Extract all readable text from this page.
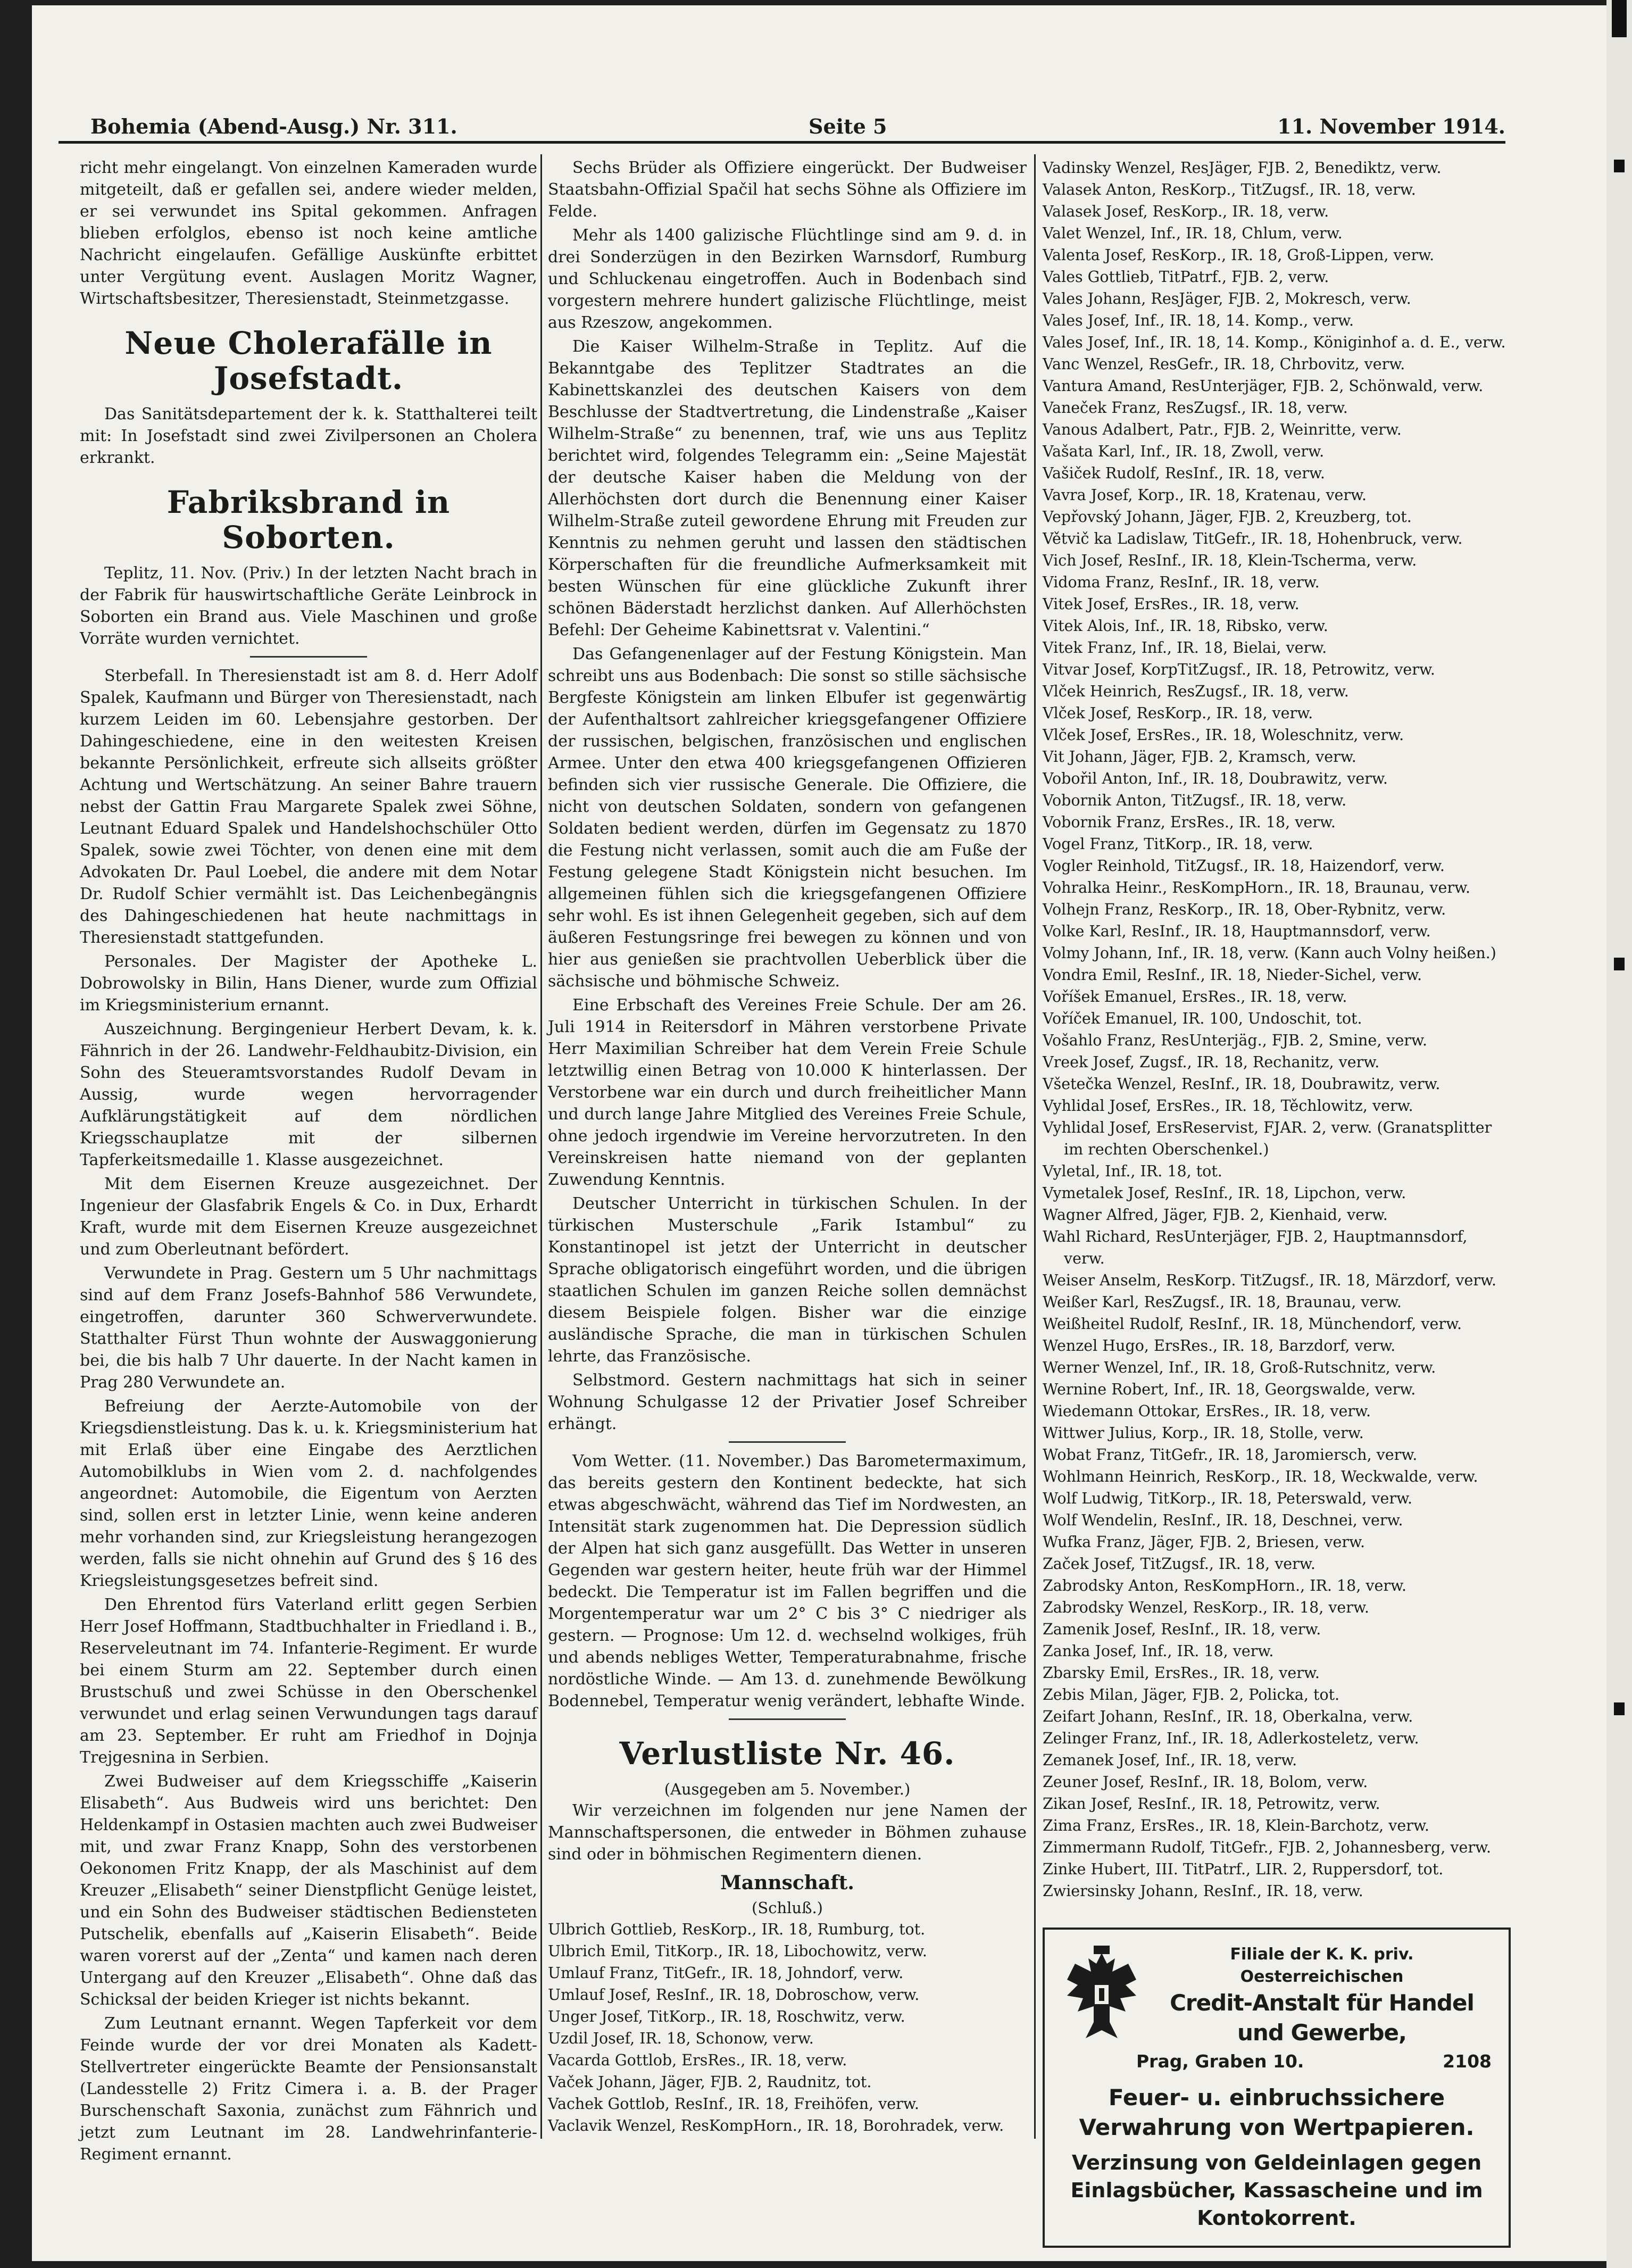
Bohemia (Abend-Ausg.) Nr. 311.	Seite 5	11. November 1914.

richt mehr eingelangt. Von einzelnen Kameraden wurde mitgeteilt, daß er gefallen sei, andere wieder melden, er sei verwundet ins Spital gekommen. Anfragen blieben erfolglos, ebenso ist noch keine amtliche Nachricht eingelaufen. Gefällige Auskünfte erbittet unter Vergütung event. Auslagen Moritz Wagner, Wirtschaftsbesitzer, Theresienstadt, Steinmetzgasse.

Neue Cholerafälle in Josefstadt.

Das Sanitätsdepartement der k. k. Statthalterei teilt mit: In Josefstadt sind zwei Zivilpersonen an Cholera erkrankt.

Fabriksbrand in Soborten.

Teplitz, 11. Nov. (Priv.) In der letzten Nacht brach in der Fabrik für hauswirtschaftliche Geräte Leinbrock in Soborten ein Brand aus. Viele Maschinen und große Vorräte wurden vernichtet.

Sterbefall. In Theresienstadt ist am 8. d. Herr Adolf Spalek, Kaufmann und Bürger von Theresienstadt, nach kurzem Leiden im 60. Lebensjahre gestorben. Der Dahingeschiedene, eine in den weitesten Kreisen bekannte Persönlichkeit, erfreute sich allseits größter Achtung und Wertschätzung. An seiner Bahre trauern nebst der Gattin Frau Margarete Spalek zwei Söhne, Leutnant Eduard Spalek und Handelshochschüler Otto Spalek, sowie zwei Töchter, von denen eine mit dem Advokaten Dr. Paul Loebel, die andere mit dem Notar Dr. Rudolf Schier vermählt ist. Das Leichenbegängnis des Dahingeschiedenen hat heute nachmittags in Theresienstadt stattgefunden.

Personales. Der Magister der Apotheke L. Dobrowolsky in Bilin, Hans Diener, wurde zum Offizial im Kriegsministerium ernannt.

Auszeichnung. Bergingenieur Herbert Devam, k. k. Fähnrich in der 26. Landwehr-Feldhaubitz-Division, ein Sohn des Steueramtsvorstandes Rudolf Devam in Aussig, wurde wegen hervorragender Aufklärungstätigkeit auf dem nördlichen Kriegsschauplatze mit der silbernen Tapferkeitsmedaille 1. Klasse ausgezeichnet.

Mit dem Eisernen Kreuze ausgezeichnet. Der Ingenieur der Glasfabrik Engels & Co. in Dux, Erhardt Kraft, wurde mit dem Eisernen Kreuze ausgezeichnet und zum Oberleutnant befördert.

Verwundete in Prag. Gestern um 5 Uhr nachmittags sind auf dem Franz Josefs-Bahnhof 586 Verwundete, eingetroffen, darunter 360 Schwerverwundete. Statthalter Fürst Thun wohnte der Auswaggonierung bei, die bis halb 7 Uhr dauerte. In der Nacht kamen in Prag 280 Verwundete an.

Befreiung der Aerzte-Automobile von der Kriegsdienstleistung. Das k. u. k. Kriegsministerium hat mit Erlaß über eine Eingabe des Aerztlichen Automobilklubs in Wien vom 2. d. nachfolgendes angeordnet: Automobile, die Eigentum von Aerzten sind, sollen erst in letzter Linie, wenn keine anderen mehr vorhanden sind, zur Kriegsleistung herangezogen werden, falls sie nicht ohnehin auf Grund des § 16 des Kriegsleistungsgesetzes befreit sind.

Den Ehrentod fürs Vaterland erlitt gegen Serbien Herr Josef Hoffmann, Stadtbuchhalter in Friedland i. B., Reserveleutnant im 74. Infanterie-Regiment. Er wurde bei einem Sturm am 22. September durch einen Brustschuß und zwei Schüsse in den Oberschenkel verwundet und erlag seinen Verwundungen tags darauf am 23. September. Er ruht am Friedhof in Dojnja Trejgesnina in Serbien.

Zwei Budweiser auf dem Kriegsschiffe „Kaiserin Elisabeth“. Aus Budweis wird uns berichtet: Den Heldenkampf in Ostasien machten auch zwei Budweiser mit, und zwar Franz Knapp, Sohn des verstorbenen Oekonomen Fritz Knapp, der als Maschinist auf dem Kreuzer „Elisabeth“ seiner Dienstpflicht Genüge leistet, und ein Sohn des Budweiser städtischen Bediensteten Putschelik, ebenfalls auf „Kaiserin Elisabeth“. Beide waren vorerst auf der „Zenta“ und kamen nach deren Untergang auf den Kreuzer „Elisabeth“. Ohne daß das Schicksal der beiden Krieger ist nichts bekannt.

Zum Leutnant ernannt. Wegen Tapferkeit vor dem Feinde wurde der vor drei Monaten als Kadett-Stellvertreter eingerückte Beamte der Pensionsanstalt (Landesstelle 2) Fritz Cimera i. a. B. der Prager Burschenschaft Saxonia, zunächst zum Fähnrich und jetzt zum Leutnant im 28. Landwehrinfanterie-Regiment ernannt.

Sechs Brüder als Offiziere eingerückt. Der Budweiser Staatsbahn-Offizial Spačil hat sechs Söhne als Offiziere im Felde.

Mehr als 1400 galizische Flüchtlinge sind am 9. d. in drei Sonderzügen in den Bezirken Warnsdorf, Rumburg und Schluckenau eingetroffen. Auch in Bodenbach sind vorgestern mehrere hundert galizische Flüchtlinge, meist aus Rzeszow, angekommen.

Die Kaiser Wilhelm-Straße in Teplitz. Auf die Bekanntgabe des Teplitzer Stadtrates an die Kabinettskanzlei des deutschen Kaisers von dem Beschlusse der Stadtvertretung, die Lindenstraße „Kaiser Wilhelm-Straße“ zu benennen, traf, wie uns aus Teplitz berichtet wird, folgendes Telegramm ein: „Seine Majestät der deutsche Kaiser haben die Meldung von der Allerhöchsten dort durch die Benennung einer Kaiser Wilhelm-Straße zuteil gewordene Ehrung mit Freuden zur Kenntnis zu nehmen geruht und lassen den städtischen Körperschaften für die freundliche Aufmerksamkeit mit besten Wünschen für eine glückliche Zukunft ihrer schönen Bäderstadt herzlichst danken. Auf Allerhöchsten Befehl: Der Geheime Kabinettsrat v. Valentini.“

Das Gefangenenlager auf der Festung Königstein. Man schreibt uns aus Bodenbach: Die sonst so stille sächsische Bergfeste Königstein am linken Elbufer ist gegenwärtig der Aufenthaltsort zahlreicher kriegsgefangener Offiziere der russischen, belgischen, französischen und englischen Armee. Unter den etwa 400 kriegsgefangenen Offizieren befinden sich vier russische Generale. Die Offiziere, die nicht von deutschen Soldaten, sondern von gefangenen Soldaten bedient werden, dürfen im Gegensatz zu 1870 die Festung nicht verlassen, somit auch die am Fuße der Festung gelegene Stadt Königstein nicht besuchen. Im allgemeinen fühlen sich die kriegsgefangenen Offiziere sehr wohl. Es ist ihnen Gelegenheit gegeben, sich auf dem äußeren Festungsringe frei bewegen zu können und von hier aus genießen sie prachtvollen Ueberblick über die sächsische und böhmische Schweiz.

Eine Erbschaft des Vereines Freie Schule. Der am 26. Juli 1914 in Reitersdorf in Mähren verstorbene Private Herr Maximilian Schreiber hat dem Verein Freie Schule letztwillig einen Betrag von 10.000 K hinterlassen. Der Verstorbene war ein durch und durch freiheitlicher Mann und durch lange Jahre Mitglied des Vereines Freie Schule, ohne jedoch irgendwie im Vereine hervorzutreten. In den Vereinskreisen hatte niemand von der geplanten Zuwendung Kenntnis.

Deutscher Unterricht in türkischen Schulen. In der türkischen Musterschule „Farik Istambul“ zu Konstantinopel ist jetzt der Unterricht in deutscher Sprache obligatorisch eingeführt worden, und die übrigen staatlichen Schulen im ganzen Reiche sollen demnächst diesem Beispiele folgen. Bisher war die einzige ausländische Sprache, die man in türkischen Schulen lehrte, das Französische.

Selbstmord. Gestern nachmittags hat sich in seiner Wohnung Schulgasse 12 der Privatier Josef Schreiber erhängt.

Vom Wetter. (11. November.) Das Barometermaximum, das bereits gestern den Kontinent bedeckte, hat sich etwas abgeschwächt, während das Tief im Nordwesten, an Intensität stark zugenommen hat. Die Depression südlich der Alpen hat sich ganz ausgefüllt. Das Wetter in unseren Gegenden war gestern heiter, heute früh war der Himmel bedeckt. Die Temperatur ist im Fallen begriffen und die Morgentemperatur war um 2° C bis 3° C niedriger als gestern. — Prognose: Um 12. d. wechselnd wolkiges, früh und abends nebliges Wetter, Temperaturabnahme, frische nordöstliche Winde. — Am 13. d. zunehmende Bewölkung Bodennebel, Temperatur wenig verändert, lebhafte Winde.

Verlustliste Nr. 46.
(Ausgegeben am 5. November.)

Wir verzeichnen im folgenden nur jene Namen der Mannschaftspersonen, die entweder in Böhmen zuhause sind oder in böhmischen Regimentern dienen.

Mannschaft.
(Schluß.)

Ulbrich Gottlieb, ResKorp., IR. 18, Rumburg, tot.

Ulbrich Emil, TitKorp., IR. 18, Libochowitz, verw.

Umlauf Franz, TitGefr., IR. 18, Johndorf, verw.

Umlauf Josef, ResInf., IR. 18, Dobroschow, verw.

Unger Josef, TitKorp., IR. 18, Roschwitz, verw.

Uzdil Josef, IR. 18, Schonow, verw.

Vacarda Gottlob, ErsRes., IR. 18, verw.

Vaček Johann, Jäger, FJB. 2, Raudnitz, tot.

Vachek Gottlob, ResInf., IR. 18, Freihöfen, verw.

Vaclavik Wenzel, ResKompHorn., IR. 18, Borohradek, verw.

Vadinsky Wenzel, ResJäger, FJB. 2, Benediktz, verw.

Valasek Anton, ResKorp., TitZugsf., IR. 18, verw.

Valasek Josef, ResKorp., IR. 18, verw.

Valet Wenzel, Inf., IR. 18, Chlum, verw.

Valenta Josef, ResKorp., IR. 18, Groß-Lippen, verw.

Vales Gottlieb, TitPatrf., FJB. 2, verw.

Vales Johann, ResJäger, FJB. 2, Mokresch, verw.

Vales Josef, Inf., IR. 18, 14. Komp., verw.

Vales Josef, Inf., IR. 18, 14. Komp., Königinhof a. d. E., verw.

Vanc Wenzel, ResGefr., IR. 18, Chrbovitz, verw.

Vantura Amand, ResUnterjäger, FJB. 2, Schönwald, verw.

Vaneček Franz, ResZugsf., IR. 18, verw.

Vanous Adalbert, Patr., FJB. 2, Weinritte, verw.

Vašata Karl, Inf., IR. 18, Zwoll, verw.

Vašiček Rudolf, ResInf., IR. 18, verw.

Vavra Josef, Korp., IR. 18, Kratenau, verw.

Vepřovský Johann, Jäger, FJB. 2, Kreuzberg, tot.

Větvič ka Ladislaw, TitGefr., IR. 18, Hohenbruck, verw.

Vich Josef, ResInf., IR. 18, Klein-Tscherma, verw.

Vidoma Franz, ResInf., IR. 18, verw.

Vitek Josef, ErsRes., IR. 18, verw.

Vitek Alois, Inf., IR. 18, Ribsko, verw.

Vitek Franz, Inf., IR. 18, Bielai, verw.

Vitvar Josef, KorpTitZugsf., IR. 18, Petrowitz, verw.

Vlček Heinrich, ResZugsf., IR. 18, verw.

Vlček Josef, ResKorp., IR. 18, verw.

Vlček Josef, ErsRes., IR. 18, Woleschnitz, verw.

Vit Johann, Jäger, FJB. 2, Kramsch, verw.

Vobořil Anton, Inf., IR. 18, Doubrawitz, verw.

Vobornik Anton, TitZugsf., IR. 18, verw.

Vobornik Franz, ErsRes., IR. 18, verw.

Vogel Franz, TitKorp., IR. 18, verw.

Vogler Reinhold, TitZugsf., IR. 18, Haizendorf, verw.

Vohralka Heinr., ResKompHorn., IR. 18, Braunau, verw.

Volhejn Franz, ResKorp., IR. 18, Ober-Rybnitz, verw.

Volke Karl, ResInf., IR. 18, Hauptmannsdorf, verw.

Volmy Johann, Inf., IR. 18, verw. (Kann auch Volny heißen.)

Vondra Emil, ResInf., IR. 18, Nieder-Sichel, verw.

Voříšek Emanuel, ErsRes., IR. 18, verw.

Voříček Emanuel, IR. 100, Undoschit, tot.

Vošahlo Franz, ResUnterjäg., FJB. 2, Smine, verw.

Vreek Josef, Zugsf., IR. 18, Rechanitz, verw.

Všetečka Wenzel, ResInf., IR. 18, Doubrawitz, verw.

Vyhlidal Josef, ErsRes., IR. 18, Těchlowitz, verw.

Vyhlidal Josef, ErsReservist, FJAR. 2, verw. (Granatsplitter im rechten Oberschenkel.)

Vyletal, Inf., IR. 18, tot.

Vymetalek Josef, ResInf., IR. 18, Lipchon, verw.

Wagner Alfred, Jäger, FJB. 2, Kienhaid, verw.

Wahl Richard, ResUnterjäger, FJB. 2, Hauptmannsdorf, verw.

Weiser Anselm, ResKorp. TitZugsf., IR. 18, Märzdorf, verw.

Weißer Karl, ResZugsf., IR. 18, Braunau, verw.

Weißheitel Rudolf, ResInf., IR. 18, Münchendorf, verw.

Wenzel Hugo, ErsRes., IR. 18, Barzdorf, verw.

Werner Wenzel, Inf., IR. 18, Groß-Rutschnitz, verw.

Wernine Robert, Inf., IR. 18, Georgswalde, verw.

Wiedemann Ottokar, ErsRes., IR. 18, verw.

Wittwer Julius, Korp., IR. 18, Stolle, verw.

Wobat Franz, TitGefr., IR. 18, Jaromiersch, verw.

Wohlmann Heinrich, ResKorp., IR. 18, Weckwalde, verw.

Wolf Ludwig, TitKorp., IR. 18, Peterswald, verw.

Wolf Wendelin, ResInf., IR. 18, Deschnei, verw.

Wufka Franz, Jäger, FJB. 2, Briesen, verw.

Začek Josef, TitZugsf., IR. 18, verw.

Zabrodsky Anton, ResKompHorn., IR. 18, verw.

Zabrodsky Wenzel, ResKorp., IR. 18, verw.

Zamenik Josef, ResInf., IR. 18, verw.

Zanka Josef, Inf., IR. 18, verw.

Zbarsky Emil, ErsRes., IR. 18, verw.

Zebis Milan, Jäger, FJB. 2, Policka, tot.

Zeifart Johann, ResInf., IR. 18, Oberkalna, verw.

Zelinger Franz, Inf., IR. 18, Adlerkosteletz, verw.

Zemanek Josef, Inf., IR. 18, verw.

Zeuner Josef, ResInf., IR. 18, Bolom, verw.

Zikan Josef, ResInf., IR. 18, Petrowitz, verw.

Zima Franz, ErsRes., IR. 18, Klein-Barchotz, verw.

Zimmermann Rudolf, TitGefr., FJB. 2, Johannesberg, verw.

Zinke Hubert, III. TitPatrf., LIR. 2, Ruppersdorf, tot.

Zwiersinsky Johann, ResInf., IR. 18, verw.

Filiale der K. K. priv. Oesterreichischen
Credit-Anstalt für Handel und Gewerbe,
Prag, Graben 10.	2108
Feuer- u. einbruchssichere Verwahrung von Wertpapieren.
Verzinsung von Geldeinlagen gegen Einlagsbücher, Kassascheine und im Kontokorrent.
